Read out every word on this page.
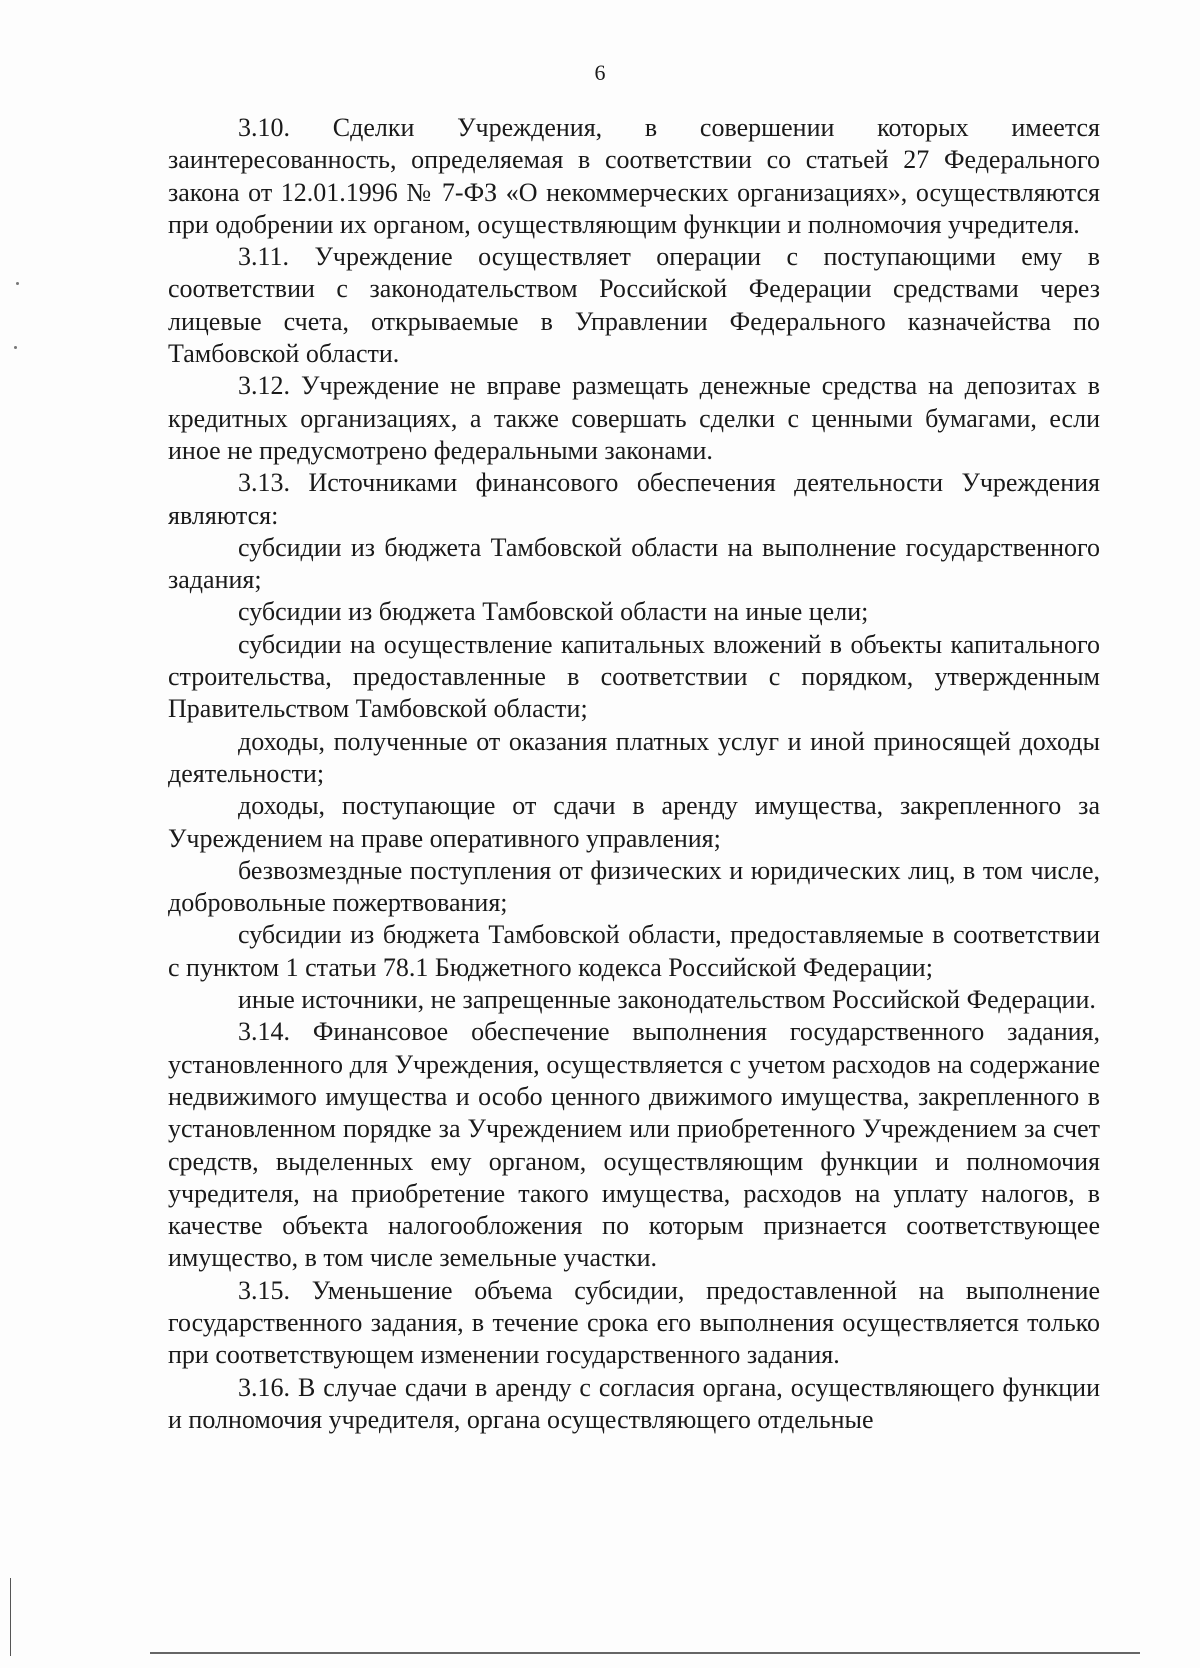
6

3.10. Сделки Учреждения, в совершении которых имеется заинтересованность, определяемая в соответствии со статьей 27 Федерального закона от 12.01.1996 № 7-ФЗ «О некоммерческих организациях», осуществляются при одобрении их органом, осуществляющим функции и полномочия учредителя.

3.11. Учреждение осуществляет операции с поступающими ему в соответствии с законодательством Российской Федерации средствами через лицевые счета, открываемые в Управлении Федерального казначейства по Тамбовской области.

3.12. Учреждение не вправе размещать денежные средства на депозитах в кредитных организациях, а также совершать сделки с ценными бумагами, если иное не предусмотрено федеральными законами.

3.13. Источниками финансового обеспечения деятельности Учреждения являются:

субсидии из бюджета Тамбовской области на выполнение государственного задания;

субсидии из бюджета Тамбовской области на иные цели;

субсидии на осуществление капитальных вложений в объекты капитального строительства, предоставленные в соответствии с порядком, утвержденным Правительством Тамбовской области;

доходы, полученные от оказания платных услуг и иной приносящей доходы деятельности;

доходы, поступающие от сдачи в аренду имущества, закрепленного за Учреждением на праве оперативного управления;

безвозмездные поступления от физических и юридических лиц, в том числе, добровольные пожертвования;

субсидии из бюджета Тамбовской области, предоставляемые в соответствии с пунктом 1 статьи 78.1 Бюджетного кодекса Российской Федерации;

иные источники, не запрещенные законодательством Российской Федерации.

3.14. Финансовое обеспечение выполнения государственного задания, установленного для Учреждения, осуществляется с учетом расходов на содержание недвижимого имущества и особо ценного движимого имущества, закрепленного в установленном порядке за Учреждением или приобретенного Учреждением за счет средств, выделенных ему органом, осуществляющим функции и полномочия учредителя, на приобретение такого имущества, расходов на уплату налогов, в качестве объекта налогообложения по которым признается соответствующее имущество, в том числе земельные участки.

3.15. Уменьшение объема субсидии, предоставленной на выполнение государственного задания, в течение срока его выполнения осуществляется только при соответствующем изменении государственного задания.

3.16. В случае сдачи в аренду с согласия органа, осуществляющего функции и полномочия учредителя, органа осуществляющего отдельные
